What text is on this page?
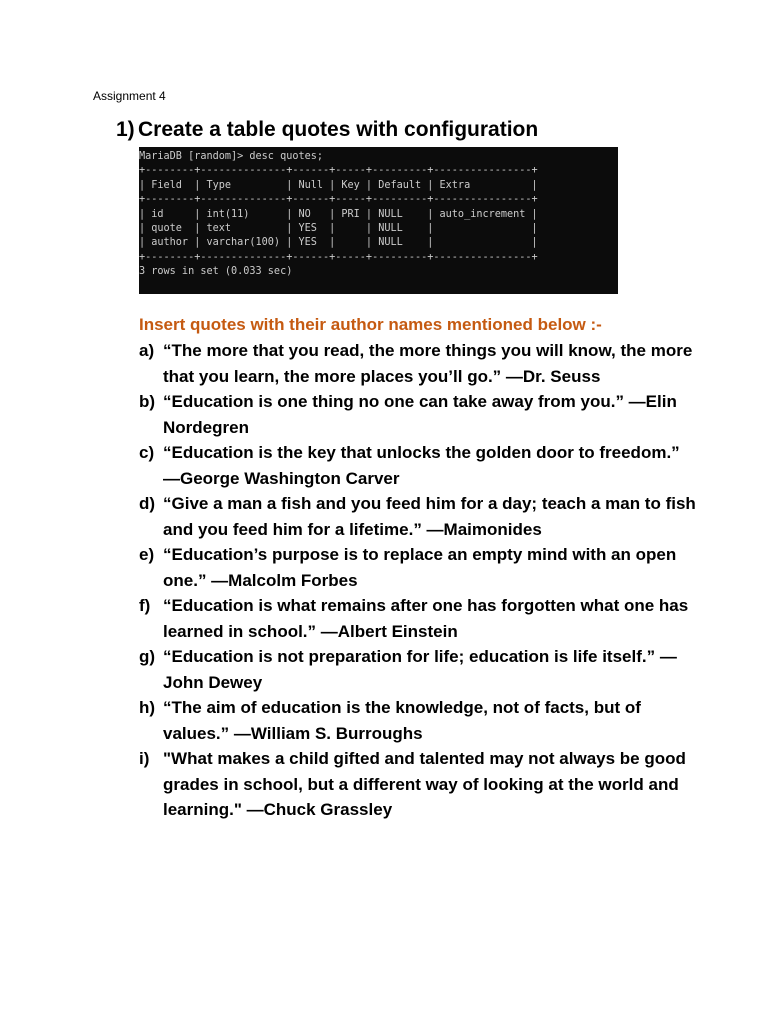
Assignment 4
1) Create a table quotes with configuration
MariaDB [random]> desc quotes;
+--------+--------------+------+-----+---------+----------------+
| Field  | Type         | Null | Key | Default | Extra          |
+--------+--------------+------+-----+---------+----------------+
| id     | int(11)      | NO   | PRI | NULL    | auto_increment |
| quote  | text         | YES  |     | NULL    |                |
| author | varchar(100) | YES  |     | NULL    |                |
+--------+--------------+------+-----+---------+----------------+
3 rows in set (0.033 sec)
Insert quotes with their author names mentioned below :-
a) “The more that you read, the more things you will know, the more that you learn, the more places you’ll go.” —Dr. Seuss
b) “Education is one thing no one can take away from you.” —Elin Nordegren
c) “Education is the key that unlocks the golden door to freedom.” —George Washington Carver
d) “Give a man a fish and you feed him for a day; teach a man to fish and you feed him for a lifetime.” —Maimonides
e) “Education’s purpose is to replace an empty mind with an open one.” —Malcolm Forbes
f) “Education is what remains after one has forgotten what one has learned in school.” —Albert Einstein
g) “Education is not preparation for life; education is life itself.” —John Dewey
h) “The aim of education is the knowledge, not of facts, but of values.” —William S. Burroughs
i) "What makes a child gifted and talented may not always be good grades in school, but a different way of looking at the world and learning." —Chuck Grassley
